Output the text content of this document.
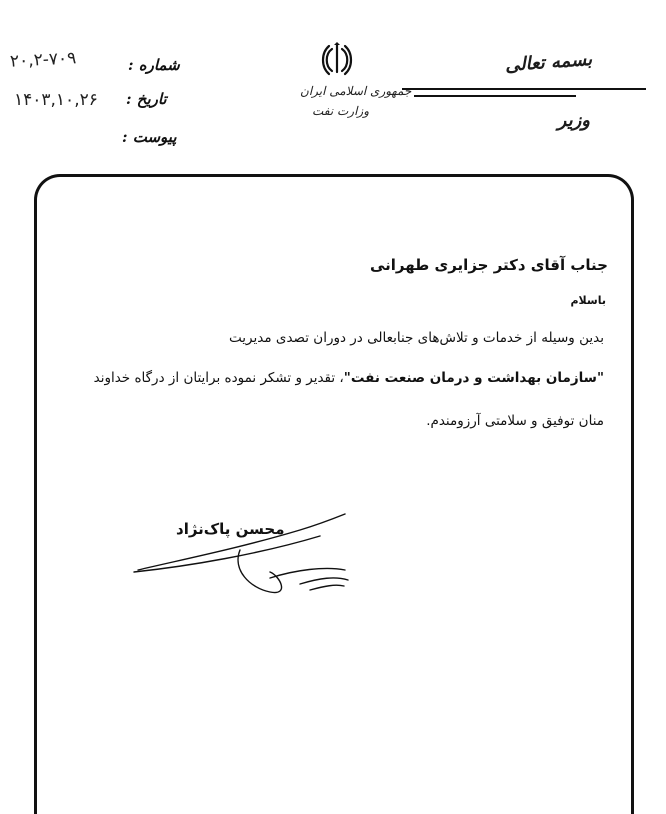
بسمه تعالی
وزیر
جمهوری اسلامی ایران
وزارت نفت
شماره :
۲۰,۲-۷۰۹
تاریخ :
۱۴۰۳,۱۰,۲۶
پیوست :
جناب آقای دکتر جزایری طهرانی
باسلام
بدین وسیله از خدمات و تلاش‌های جنابعالی در دوران تصدی مدیریت
"سازمان بهداشت و درمان صنعت نفت"، تقدیر و تشکر نموده برایتان از درگاه خداوند
منان توفیق و سلامتی آرزومندم.
محسن پاک‌نژاد
